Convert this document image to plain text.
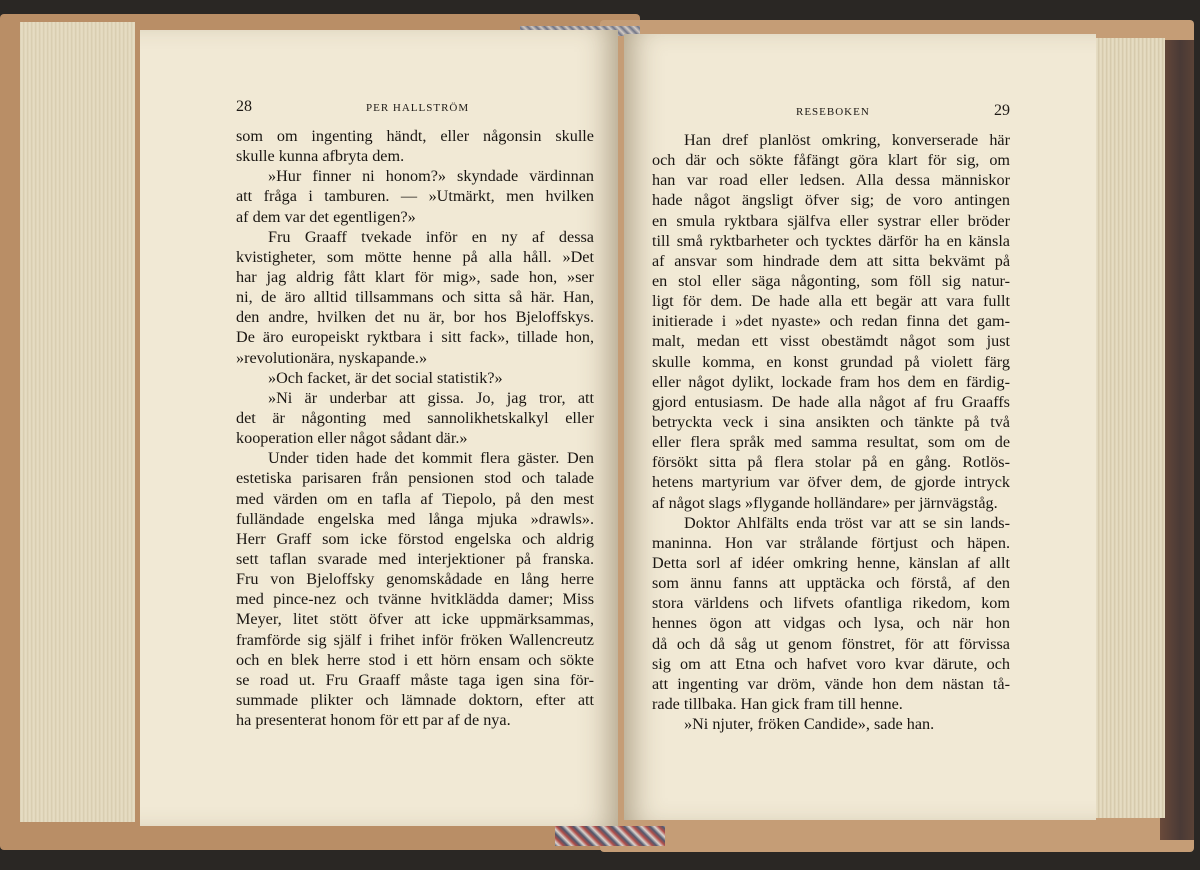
28	PER HALLSTRÖM
som om ingenting händt, eller någonsin skulle
skulle kunna afbryta dem.
»Hur finner ni honom?» skyndade värdinnan
att fråga i tamburen. — »Utmärkt, men hvilken
af dem var det egentligen?»
Fru Graaff tvekade inför en ny af dessa
kvistigheter, som mötte henne på alla håll. »Det
har jag aldrig fått klart för mig», sade hon, »ser
ni, de äro alltid tillsammans och sitta så här. Han,
den andre, hvilken det nu är, bor hos Bjeloffskys.
De äro europeiskt ryktbara i sitt fack», tillade hon,
»revolutionära, nyskapande.»
»Och facket, är det social statistik?»
»Ni är underbar att gissa. Jo, jag tror, att
det är någonting med sannolikhetskalkyl eller
kooperation eller något sådant där.»
Under tiden hade det kommit flera gäster. Den
estetiska parisaren från pensionen stod och talade
med värden om en tafla af Tiepolo, på den mest
fulländade engelska med långa mjuka »drawls».
Herr Graff som icke förstod engelska och aldrig
sett taflan svarade med interjektioner på franska.
Fru von Bjeloffsky genomskådade en lång herre
med pince-nez och tvänne hvitklädda damer; Miss
Meyer, litet stött öfver att icke uppmärksammas,
framförde sig själf i frihet inför fröken Wallencreutz
och en blek herre stod i ett hörn ensam och sökte
se road ut. Fru Graaff måste taga igen sina för-
summade plikter och lämnade doktorn, efter att
ha presenterat honom för ett par af de nya.
RESEBOKEN	29
Han dref planlöst omkring, konverserade här
och där och sökte fåfängt göra klart för sig, om
han var road eller ledsen. Alla dessa människor
hade något ängsligt öfver sig; de voro antingen
en smula ryktbara själfva eller systrar eller bröder
till små ryktbarheter och tycktes därför ha en känsla
af ansvar som hindrade dem att sitta bekvämt på
en stol eller säga någonting, som föll sig natur-
ligt för dem. De hade alla ett begär att vara fullt
initierade i »det nyaste» och redan finna det gam-
malt, medan ett visst obestämdt något som just
skulle komma, en konst grundad på violett färg
eller något dylikt, lockade fram hos dem en färdig-
gjord entusiasm. De hade alla något af fru Graaffs
betryckta veck i sina ansikten och tänkte på två
eller flera språk med samma resultat, som om de
försökt sitta på flera stolar på en gång. Rotlös-
hetens martyrium var öfver dem, de gjorde intryck
af något slags »flygande holländare» per järnvägståg.
Doktor Ahlfälts enda tröst var att se sin lands-
maninna. Hon var strålande förtjust och häpen.
Detta sorl af idéer omkring henne, känslan af allt
som ännu fanns att upptäcka och förstå, af den
stora världens och lifvets ofantliga rikedom, kom
hennes ögon att vidgas och lysa, och när hon
då och då såg ut genom fönstret, för att förvissa
sig om att Etna och hafvet voro kvar därute, och
att ingenting var dröm, vände hon dem nästan tå-
rade tillbaka. Han gick fram till henne.
»Ni njuter, fröken Candide», sade han.
